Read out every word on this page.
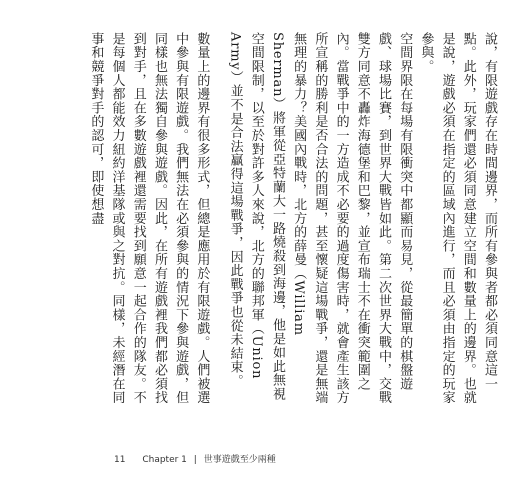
說，有限遊戲存在時間邊界，而所有參與者都必須同意這一點。此外，玩家們還必須同意建立空間和數量上的邊界。也就是說，遊戲必須在指定的區域內進行，而且必須由指定的玩家參與。

空間界限在每場有限衝突中都顯而易見，從最簡單的棋盤遊戲、球場比賽，到世界大戰皆如此。第二次世界大戰中，交戰雙方同意不轟炸海德堡和巴黎，並宣布瑞士不在衝突範圍之內。當戰爭中的一方造成不必要的過度傷害時，就會產生該方所宣稱的勝利是否合法的問題，甚至懷疑這場戰爭，還是無端無理的暴力？美國內戰時，北方的薛曼（William Sherman）將軍從亞特蘭大一路燒殺到海邊，他是如此無視空間限制，以至於對許多人來說，北方的聯邦軍（Union Army）並不是合法贏得這場戰爭，因此戰爭也從未結束。

數量上的邊界有很多形式，但總是應用於有限遊戲。人們被選中參與有限遊戲。我們無法在必須參與的情況下參與遊戲，但同樣也無法獨自參與遊戲。因此，在所有遊戲裡我們都必須找到對手，且在多數遊戲裡還需要找到願意一起合作的隊友。不是每個人都能效力紐約洋基隊或與之對抗。同樣，未經潛在同事和競爭對手的認可，即使想盡

11 Chapter 1 | 世事遊戲至少兩種
